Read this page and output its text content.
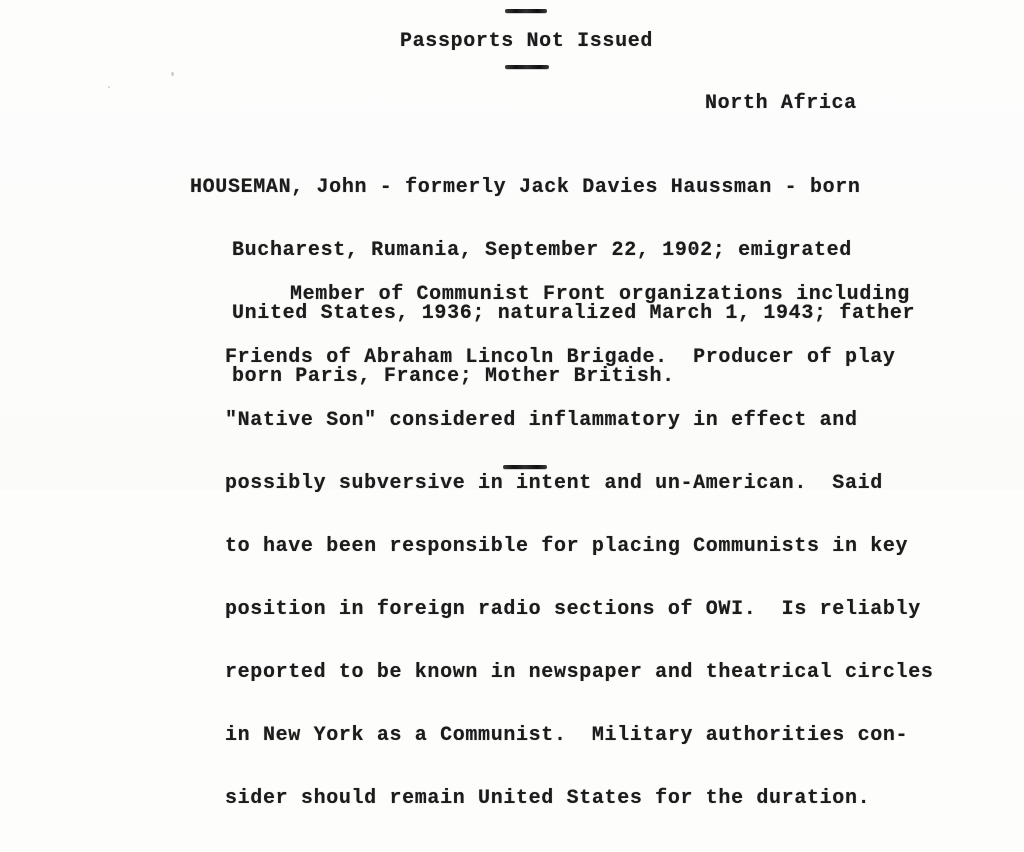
Passports Not Issued
North Africa

HOUSEMAN, John - formerly Jack Davies Haussman - born

Bucharest, Rumania, September 22, 1902; emigrated

United States, 1936; naturalized March 1, 1943; father

born Paris, France; Mother British.

Member of Communist Front organizations including

Friends of Abraham Lincoln Brigade.  Producer of play

"Native Son" considered inflammatory in effect and

possibly subversive in intent and un-American.  Said

to have been responsible for placing Communists in key

position in foreign radio sections of OWI.  Is reliably

reported to be known in newspaper and theatrical circles

in New York as a Communist.  Military authorities con-

sider should remain United States for the duration.
